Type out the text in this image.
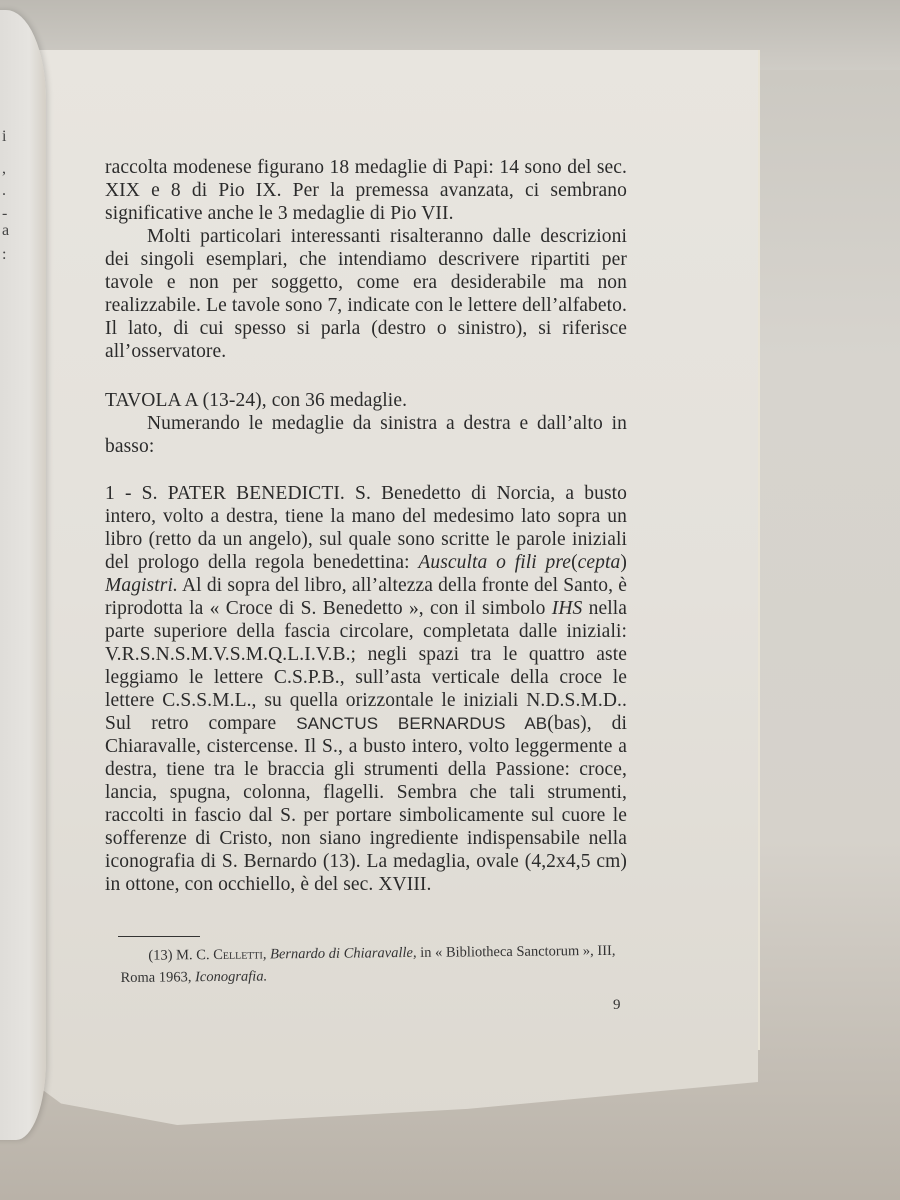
i
,
.
-
a
:

raccolta modenese figurano 18 medaglie di Papi: 14 sono del sec. XIX e 8 di Pio IX. Per la premessa avanzata, ci sembrano significative anche le 3 medaglie di Pio VII.

Molti particolari interessanti risalteranno dalle descrizioni dei singoli esemplari, che intendiamo descrivere ripartiti per tavole e non per soggetto, come era desiderabile ma non realizzabile. Le tavole sono 7, indicate con le lettere dell’alfabeto. Il lato, di cui spesso si parla (destro o sinistro), si riferisce all’osservatore.

TAVOLA A (13-24), con 36 medaglie.

Numerando le medaglie da sinistra a destra e dall’alto in basso:

1 - S. PATER BENEDICTI. S. Benedetto di Norcia, a busto intero, volto a destra, tiene la mano del medesimo lato sopra un libro (retto da un angelo), sul quale sono scritte le parole iniziali del prologo della regola benedettina: Ausculta o fili pre(cepta) Magistri. Al di sopra del libro, all’altezza della fronte del Santo, è riprodotta la « Croce di S. Benedetto », con il simbolo IHS nella parte superiore della fascia circolare, completata dalle iniziali: V.R.S.N.S.M.V.S.M.Q.L.I.V.B.; negli spazi tra le quattro aste leggiamo le lettere C.S.P.B., sull’asta verticale della croce le lettere C.S.S.M.L., su quella orizzontale le iniziali N.D.S.M.D.. Sul retro compare SANCTUS BERNARDUS AB(bas), di Chiaravalle, cistercense. Il S., a busto intero, volto leggermente a destra, tiene tra le braccia gli strumenti della Passione: croce, lancia, spugna, colonna, flagelli. Sembra che tali strumenti, raccolti in fascio dal S. per portare simbolicamente sul cuore le sofferenze di Cristo, non siano ingrediente indispensabile nella iconografia di S. Bernardo (13). La medaglia, ovale (4,2x4,5 cm) in ottone, con occhiello, è del sec. XVIII.

(13) M. C. Celletti, Bernardo di Chiaravalle, in « Bibliotheca Sanctorum », III,
Roma 1963, Iconografia.
9
